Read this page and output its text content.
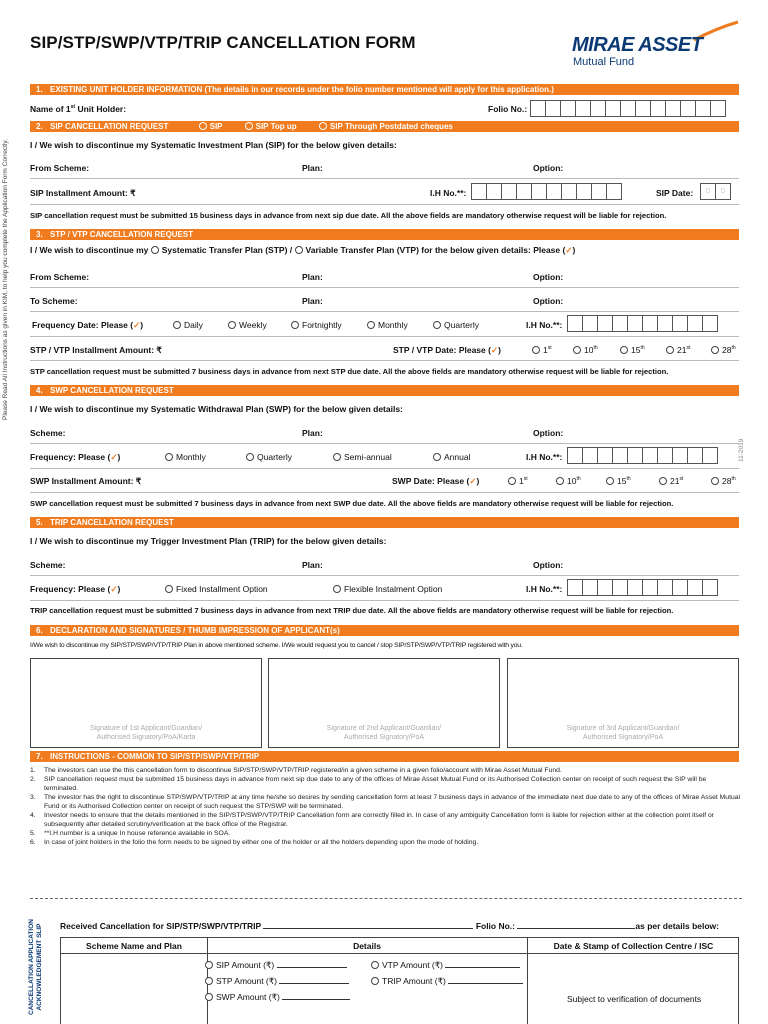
SIP/STP/SWP/VTP/TRIP CANCELLATION FORM	MIRAE ASSET
Mutual Fund
Please Read All Instructions as given in KIM, to help you complete the Application Form Correctly.
11-2019
1. EXISTING UNIT HOLDER INFORMATION (The details in our records under the folio number mentioned will apply for this application.)
Name of 1st Unit Holder:	Folio No.:
2. SIP CANCELLATION REQUEST	SIP	SIP Top up	SIP Through Postdated cheques
I / We wish to discontinue my Systematic Investment Plan (SIP) for the below given details:
From Scheme:	Plan:	Option:
SIP Installment Amount: ₹	I.H No.**:	SIP Date:	D	D
SIP cancellation request must be submitted 15 business days in advance from next sip due date. All the above fields are mandatory otherwise request will be liable for rejection.
3. STP / VTP CANCELLATION REQUEST
I / We wish to discontinue my Systematic Transfer Plan (STP) / Variable Transfer Plan (VTP) for the below given details: Please (✓)
From Scheme:	Plan:	Option:
To Scheme:	Plan:	Option:
Frequency Date: Please (✓)	Daily	Weekly	Fortnightly	Monthly	Quarterly	I.H No.**:
STP / VTP Installment Amount: ₹	STP / VTP Date: Please (✓)	1st	10th	15th	21st	28th
STP cancellation request must be submitted 7 business days in advance from next STP due date. All the above fields are mandatory otherwise request will be liable for rejection.
4. SWP CANCELLATION REQUEST
I / We wish to discontinue my Systematic Withdrawal Plan (SWP) for the below given details:
Scheme:	Plan:	Option:
Frequency: Please (✓)	Monthly	Quarterly	Semi-annual	Annual	I.H No.**:
SWP Installment Amount: ₹	SWP Date: Please (✓)	1st	10th	15th	21st	28th
SWP cancellation request must be submitted 7 business days in advance from next SWP due date. All the above fields are mandatory otherwise request will be liable for rejection.
5. TRIP CANCELLATION REQUEST
I / We wish to discontinue my Trigger Investment Plan (TRIP) for the below given details:
Scheme:	Plan:	Option:
Frequency: Please (✓)	Fixed Installment Option	Flexible Instalment Option	I.H No.**:
TRIP cancellation request must be submitted 7 business days in advance from next TRIP due date. All the above fields are mandatory otherwise request will be liable for rejection.
6. DECLARATION AND SIGNATURES / THUMB IMPRESSION OF APPLICANT(s)
I/We wish to discontinue my SIP/STP/SWP/VTP/TRIP Plan in above mentioned scheme. I/We would request you to cancel / stop SIP/STP/SWP/VTP/TRIP registered with you.
Signature of 1st Applicant/Guardian/
Authorised Signatory/PoA/Karta
Signature of 2nd Applicant/Guardian/
Authorised Signatory/PoA
Signature of 3rd Applicant/Guardian/
Authorised Signatory/PoA
7. INSTRUCTIONS - COMMON TO SIP/STP/SWP/VTP/TRIP
1. The investors can use the this cancellation form to discontinue SIP/STP/SWP/VTP/TRIP registered/in a given scheme in a given folio/account with Mirae Asset Mutual Fund.
2. SIP cancellation request must be submitted 15 business days in advance from next sip due date to any of the offices of Mirae Asset Mutual Fund or its Authorised Collection center on receipt of such request the SIP will be terminated.
3. The investor has the right to discontinue STP/SWP/VTP/TRIP at any time he/she so desires by sending cancellation form at least 7 business days in advance of the immediate next due date to any of the offices of Mirae Asset Mutual Fund or its Authorised Collection center on receipt of such request the STP/SWP will be terminated.
4. Investor needs to ensure that the details mentioned in the SIP/STP/SWP/VTP/TRIP Cancellation form are correctly filled in. In case of any ambiguity Cancellation form is liable for rejection either at the collection point itself or subsequently after detailed scrutiny/verification at the back office of the Registrar.
5. **I.H number is a unique In house reference available in SOA.
6. In case of joint holders in the folio the form needs to be signed by either one of the holder or all the holders depending upon the mode of holding.
CANCELLATION APPLICATION
ACKNOWLEDGEMENT SLIP Received Cancellation for SIP/STP/SWP/VTP/TRIP	Folio No.:	as per details below:
Scheme Name and Plan	Details	Date & Stamp of Collection Centre / ISC
SIP Amount (₹)
STP Amount (₹)
SWP Amount (₹)
VTP Amount (₹)
TRIP Amount (₹)
Subject to verification of documents
